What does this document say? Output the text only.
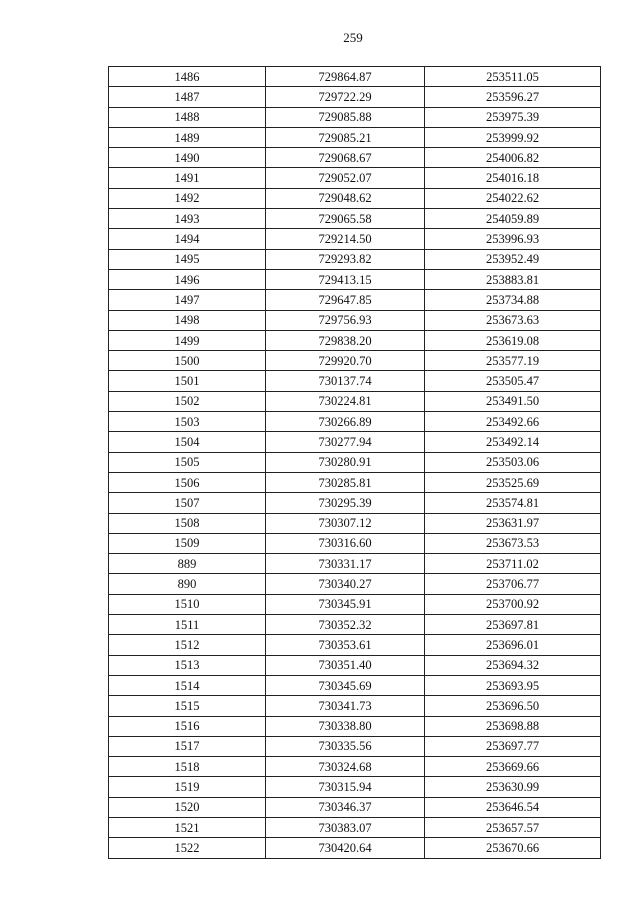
259
1486	729864.87	253511.05
1487	729722.29	253596.27
1488	729085.88	253975.39
1489	729085.21	253999.92
1490	729068.67	254006.82
1491	729052.07	254016.18
1492	729048.62	254022.62
1493	729065.58	254059.89
1494	729214.50	253996.93
1495	729293.82	253952.49
1496	729413.15	253883.81
1497	729647.85	253734.88
1498	729756.93	253673.63
1499	729838.20	253619.08
1500	729920.70	253577.19
1501	730137.74	253505.47
1502	730224.81	253491.50
1503	730266.89	253492.66
1504	730277.94	253492.14
1505	730280.91	253503.06
1506	730285.81	253525.69
1507	730295.39	253574.81
1508	730307.12	253631.97
1509	730316.60	253673.53
889	730331.17	253711.02
890	730340.27	253706.77
1510	730345.91	253700.92
1511	730352.32	253697.81
1512	730353.61	253696.01
1513	730351.40	253694.32
1514	730345.69	253693.95
1515	730341.73	253696.50
1516	730338.80	253698.88
1517	730335.56	253697.77
1518	730324.68	253669.66
1519	730315.94	253630.99
1520	730346.37	253646.54
1521	730383.07	253657.57
1522	730420.64	253670.66
